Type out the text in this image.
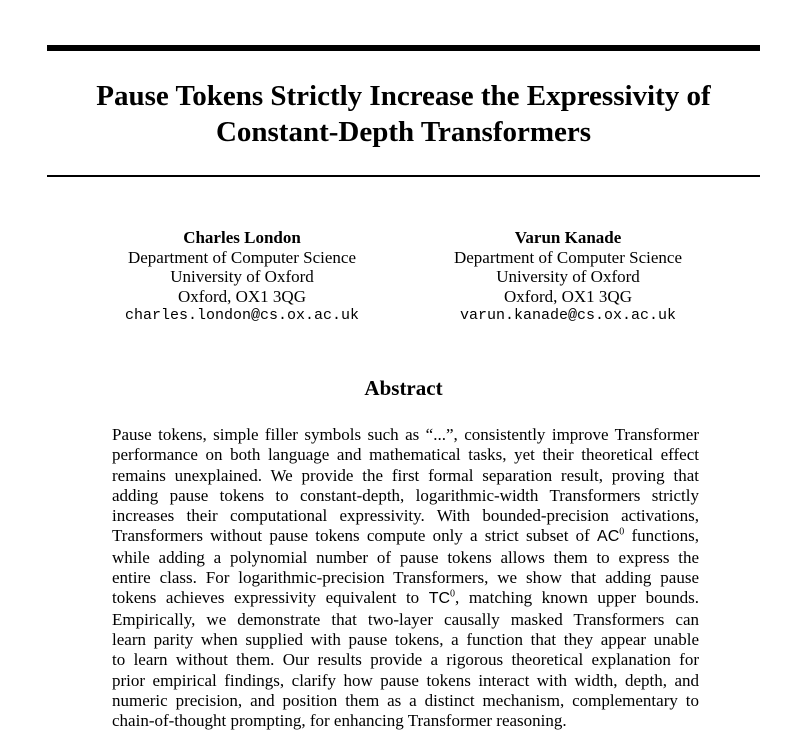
Pause Tokens Strictly Increase the Expressivity of
Constant-Depth Transformers
Charles London
Department of Computer Science
University of Oxford
Oxford, OX1 3QG
charles.london@cs.ox.ac.uk
Varun Kanade
Department of Computer Science
University of Oxford
Oxford, OX1 3QG
varun.kanade@cs.ox.ac.uk
Abstract
Pause tokens, simple filler symbols such as “...”, consistently improve Transformer
performance on both language and mathematical tasks, yet their theoretical effect
remains unexplained. We provide the first formal separation result, proving that
adding pause tokens to constant-depth, logarithmic-width Transformers strictly
increases their computational expressivity. With bounded-precision activations,
Transformers without pause tokens compute only a strict subset of $AC^0$ functions,
while adding a polynomial number of pause tokens allows them to express the
entire class. For logarithmic-precision Transformers, we show that adding pause
tokens achieves expressivity equivalent to $TC^0$, matching known upper bounds.
Empirically, we demonstrate that two-layer causally masked Transformers can
learn parity when supplied with pause tokens, a function that they appear unable
to learn without them. Our results provide a rigorous theoretical explanation for
prior empirical findings, clarify how pause tokens interact with width, depth, and
numeric precision, and position them as a distinct mechanism, complementary to
chain-of-thought prompting, for enhancing Transformer reasoning.
